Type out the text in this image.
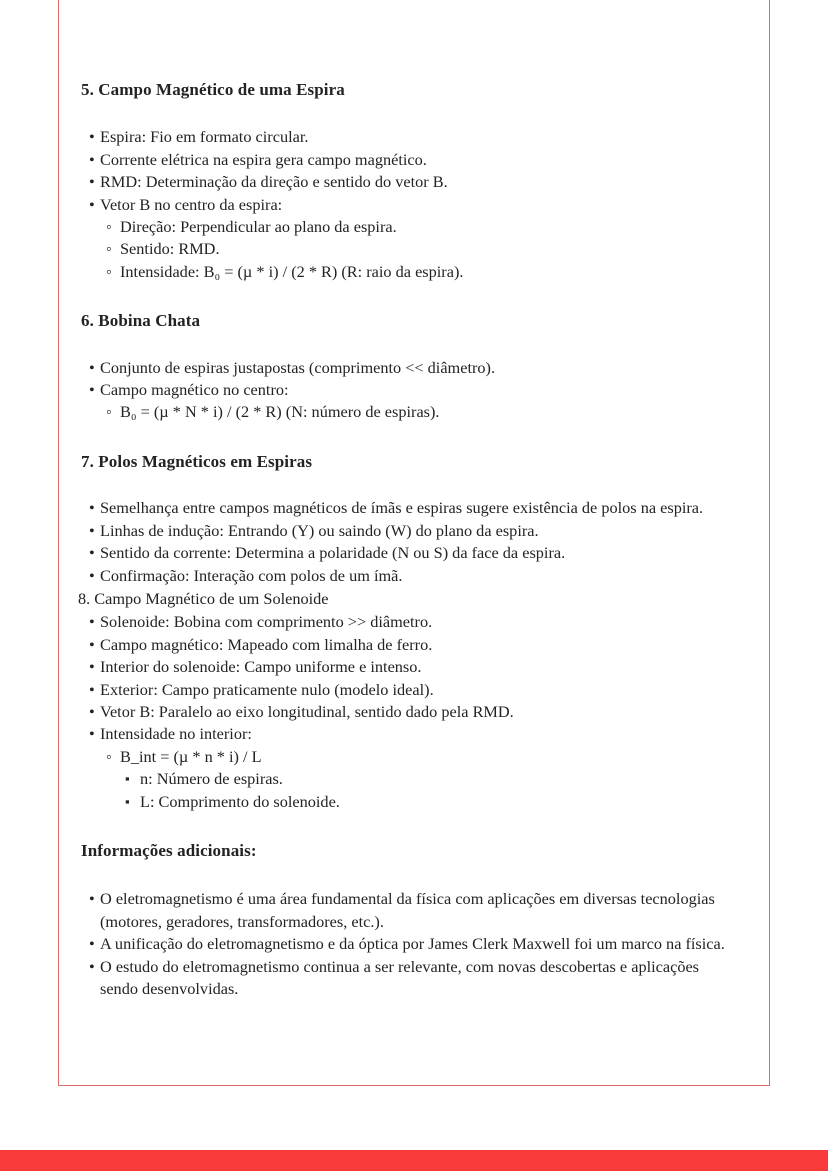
5. Campo Magnético de uma Espira
• Espira: Fio em formato circular.
• Corrente elétrica na espira gera campo magnético.
• RMD: Determinação da direção e sentido do vetor B.
• Vetor B no centro da espira:
◦ Direção: Perpendicular ao plano da espira.
◦ Sentido: RMD.
◦ Intensidade: B₀ = (µ * i) / (2 * R) (R: raio da espira).
6. Bobina Chata
• Conjunto de espiras justapostas (comprimento << diâmetro).
• Campo magnético no centro:
◦ B₀ = (µ * N * i) / (2 * R) (N: número de espiras).
7. Polos Magnéticos em Espiras
• Semelhança entre campos magnéticos de ímãs e espiras sugere existência de polos na espira.
• Linhas de indução: Entrando (Y) ou saindo (W) do plano da espira.
• Sentido da corrente: Determina a polaridade (N ou S) da face da espira.
• Confirmação: Interação com polos de um ímã.

8. Campo Magnético de um Solenoide

• Solenoide: Bobina com comprimento >> diâmetro.
• Campo magnético: Mapeado com limalha de ferro.
• Interior do solenoide: Campo uniforme e intenso.
• Exterior: Campo praticamente nulo (modelo ideal).
• Vetor B: Paralelo ao eixo longitudinal, sentido dado pela RMD.
• Intensidade no interior:
◦ B_int = (µ * n * i) / L
▪ n: Número de espiras.
▪ L: Comprimento do solenoide.
Informações adicionais:
• O eletromagnetismo é uma área fundamental da física com aplicações em diversas tecnologias (motores, geradores, transformadores, etc.).
• A unificação do eletromagnetismo e da óptica por James Clerk Maxwell foi um marco na física.
• O estudo do eletromagnetismo continua a ser relevante, com novas descobertas e aplicações sendo desenvolvidas.
